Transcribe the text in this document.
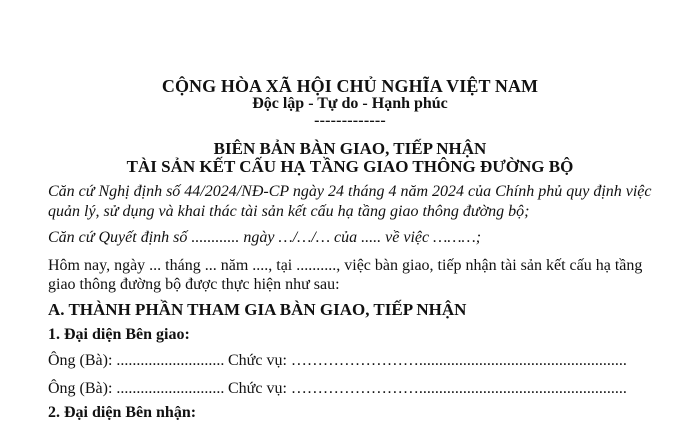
CỘNG HÒA XÃ HỘI CHỦ NGHĨA VIỆT NAM
Độc lập - Tự do - Hạnh phúc
-------------
BIÊN BẢN BÀN GIAO, TIẾP NHẬN
TÀI SẢN KẾT CẤU HẠ TẦNG GIAO THÔNG ĐƯỜNG BỘ
Căn cứ Nghị định số 44/2024/NĐ-CP ngày 24 tháng 4 năm 2024 của Chính phủ quy định việc
quản lý, sử dụng và khai thác tài sản kết cấu hạ tầng giao thông đường bộ;
Căn cứ Quyết định số ............ ngày …/…/… của ..... về việc ………;
Hôm nay, ngày ... tháng ... năm ...., tại .........., việc bàn giao, tiếp nhận tài sản kết cấu hạ tầng
giao thông đường bộ được thực hiện như sau:
A. THÀNH PHẦN THAM GIA BÀN GIAO, TIẾP NHẬN
1. Đại diện Bên giao:
Ông (Bà): ........................... Chức vụ: ……………………....................................................
Ông (Bà): ........................... Chức vụ: ……………………....................................................
2. Đại diện Bên nhận:
